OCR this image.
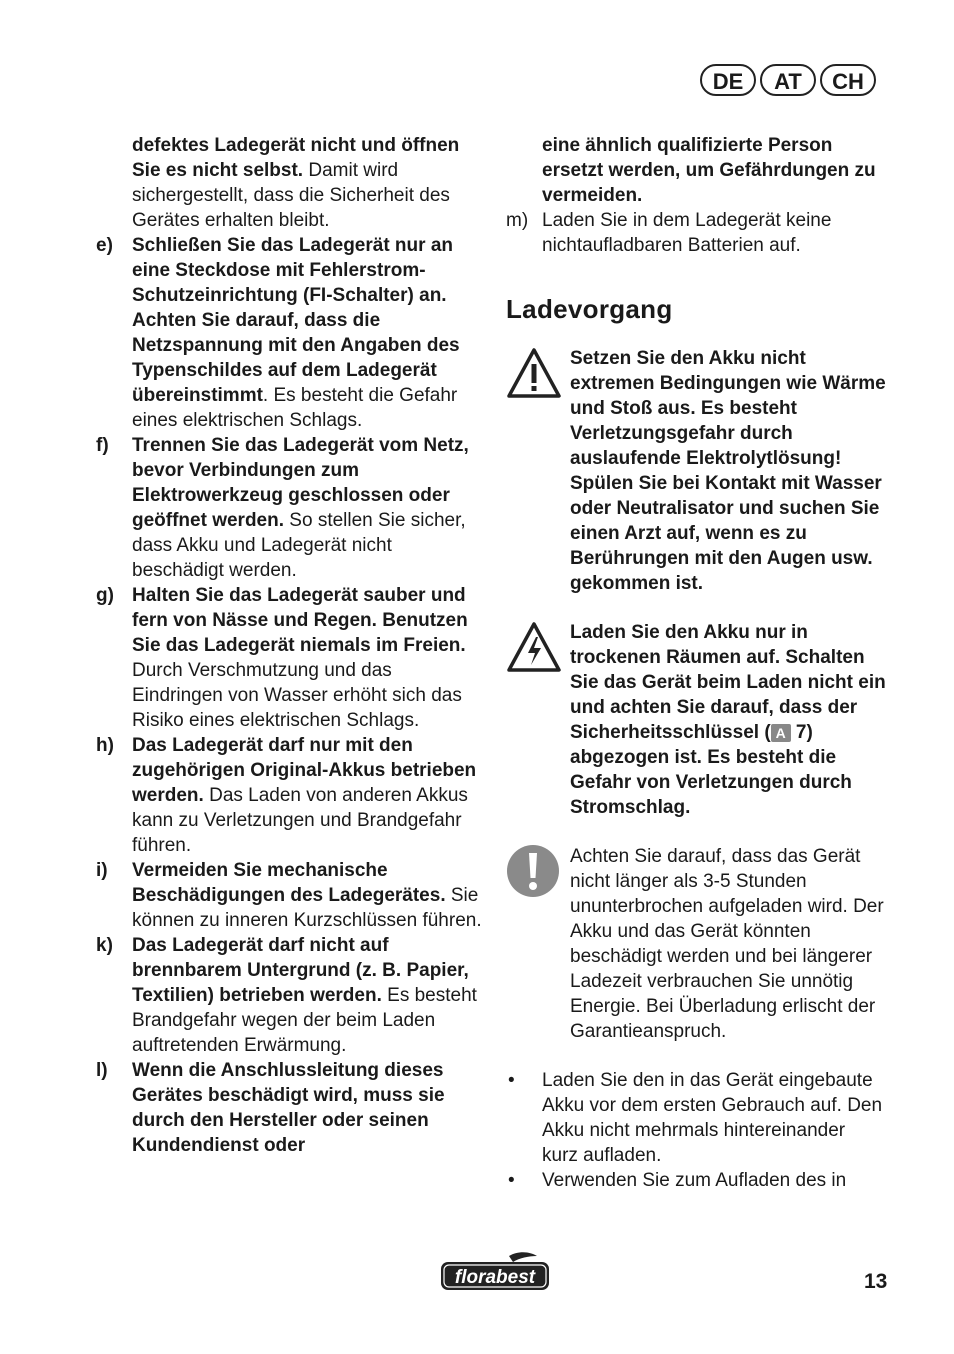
DE	AT	CH
defektes Ladegerät nicht und öffnen Sie es nicht selbst. Damit wird sichergestellt, dass die Sicherheit des Gerätes erhalten bleibt.
e) Schließen Sie das Ladegerät nur an eine Steckdose mit Fehlerstrom-Schutzeinrichtung (FI-Schalter) an. Achten Sie darauf, dass die Netzspannung mit den Angaben des Typenschildes auf dem Ladegerät übereinstimmt. Es besteht die Gefahr eines elektrischen Schlags.
f) Trennen Sie das Ladegerät vom Netz, bevor Verbindungen zum Elektrowerkzeug geschlossen oder geöffnet werden. So stellen Sie sicher, dass Akku und Ladegerät nicht beschädigt werden.
g) Halten Sie das Ladegerät sauber und fern von Nässe und Regen. Benutzen Sie das Ladegerät niemals im Freien. Durch Verschmutzung und das Eindringen von Wasser erhöht sich das Risiko eines elektrischen Schlags.
h) Das Ladegerät darf nur mit den zugehörigen Original-Akkus betrieben werden. Das Laden von anderen Akkus kann zu Verletzungen und Brandgefahr führen.
i) Vermeiden Sie mechanische Beschädigungen des Ladegerätes. Sie können zu inneren Kurzschlüssen führen.
k) Das Ladegerät darf nicht auf brennbarem Untergrund (z. B. Papier, Textilien) betrieben werden. Es besteht Brandgefahr wegen der beim Laden auftretenden Erwärmung.
l) Wenn die Anschlussleitung dieses Gerätes beschädigt wird, muss sie durch den Hersteller oder seinen Kundendienst oder
eine ähnlich qualifizierte Person ersetzt werden, um Gefährdungen zu vermeiden.
m) Laden Sie in dem Ladegerät keine nichtaufladbaren Batterien auf.
Ladevorgang
Setzen Sie den Akku nicht extremen Bedingungen wie Wärme und Stoß aus. Es besteht Verletzungsgefahr durch auslaufende Elektrolytlösung! Spülen Sie bei Kontakt mit Wasser oder Neutralisator und suchen Sie einen Arzt auf, wenn es zu Berührungen mit den Augen usw. gekommen ist.
Laden Sie den Akku nur in trockenen Räumen auf. Schalten Sie das Gerät beim Laden nicht ein und achten Sie darauf, dass der Sicherheitsschlüssel ( A 7) abgezogen ist. Es besteht die Gefahr von Verletzungen durch Stromschlag.
Achten Sie darauf, dass das Gerät nicht länger als 3-5 Stunden ununterbrochen aufgeladen wird. Der Akku und das Gerät könnten beschädigt werden und bei längerer Ladezeit verbrauchen Sie unnötig Energie. Bei Überladung erlischt der Garantieanspruch.
• Laden Sie den in das Gerät eingebaute Akku vor dem ersten Gebrauch auf. Den Akku nicht mehrmals hintereinander kurz aufladen.
• Verwenden Sie zum Aufladen des in
florabest	13
